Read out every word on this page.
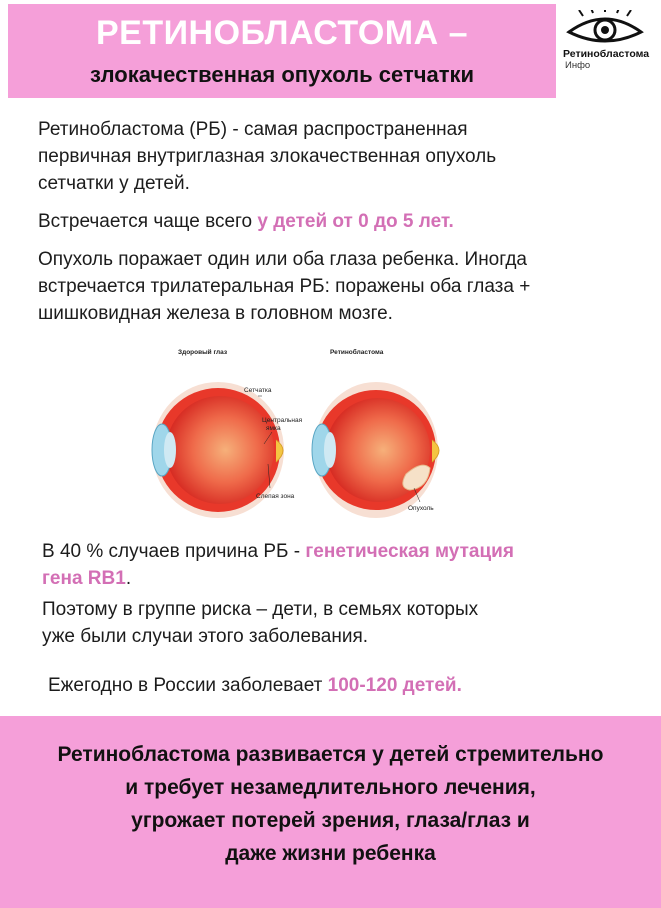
РЕТИНОБЛАСТОМА –
злокачественная опухоль сетчатки
Ретинобластома
Инфо
Ретинобластома (РБ) - самая распространенная
первичная внутриглазная злокачественная опухоль
сетчатки у детей.
Встречается чаще всего у детей от 0 до 5 лет.
Опухоль поражает один или оба глаза ребенка. Иногда
встречается трилатеральная РБ: поражены оба глаза +
шишковидная железа в головном мозге.
Здоровый глаз
Сетчатка
Центральная
ямка
Слепая зона
Ретинобластома
Опухоль
В 40 % случаев причина РБ - генетическая мутация
гена RB1.
Поэтому в группе риска – дети, в семьях которых
уже были случаи этого заболевания.
Ежегодно в России заболевает 100-120 детей.
Ретинобластома развивается у детей стремительно
и требует незамедлительного лечения,
угрожает потерей зрения, глаза/глаз и
даже жизни ребенка
